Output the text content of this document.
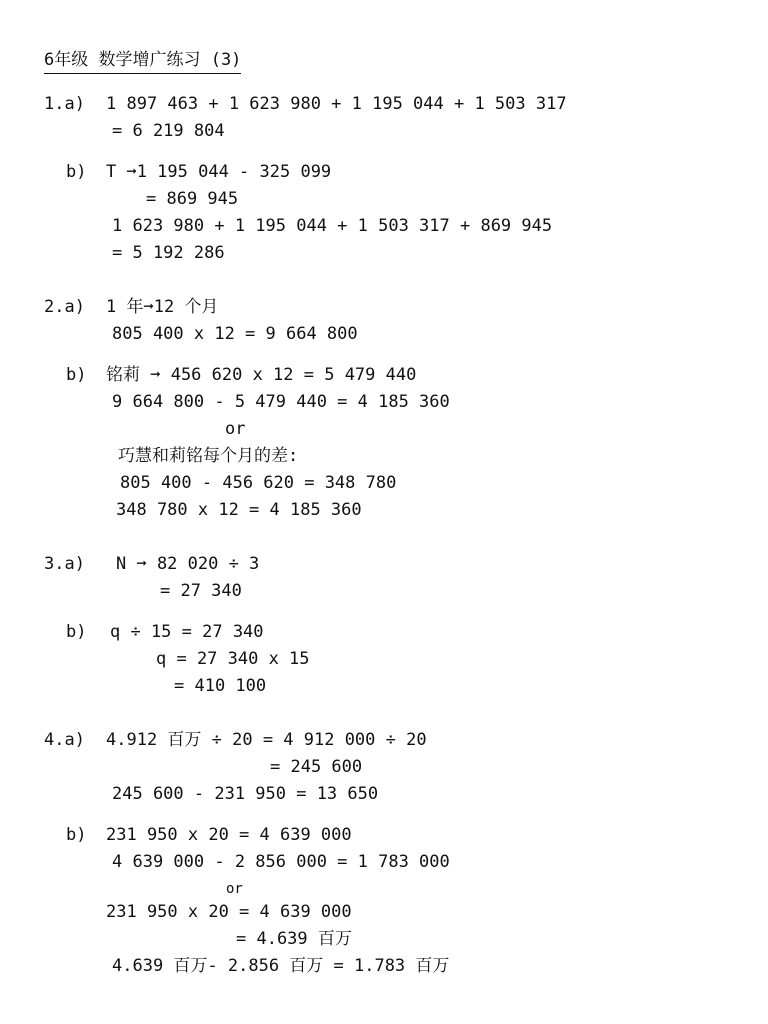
6年级 数学增广练习 (3)
1.a) 1 897 463 + 1 623 980 + 1 195 044 + 1 503 317
= 6 219 804
b) T ➞1 195 044 - 325 099
= 869 945
1 623 980 + 1 195 044 + 1 503 317 + 869 945
= 5 192 286
2.a) 1 年➞12 个月
805 400 x 12 = 9 664 800
b) 铭莉 ➞ 456 620 x 12 = 5 479 440
9 664 800 - 5 479 440 = 4 185 360
or
巧慧和莉铭每个月的差:
805 400 - 456 620 = 348 780
348 780 x 12 = 4 185 360
3.a) N ➞ 82 020 ÷ 3
= 27 340
b) q ÷ 15 = 27 340
q = 27 340 x 15
= 410 100
4.a) 4.912 百万 ÷ 20 = 4 912 000 ÷ 20
= 245 600
245 600 - 231 950 = 13 650
b) 231 950 x 20 = 4 639 000
4 639 000 - 2 856 000 = 1 783 000
or
231 950 x 20 = 4 639 000
= 4.639 百万
4.639 百万- 2.856 百万 = 1.783 百万
